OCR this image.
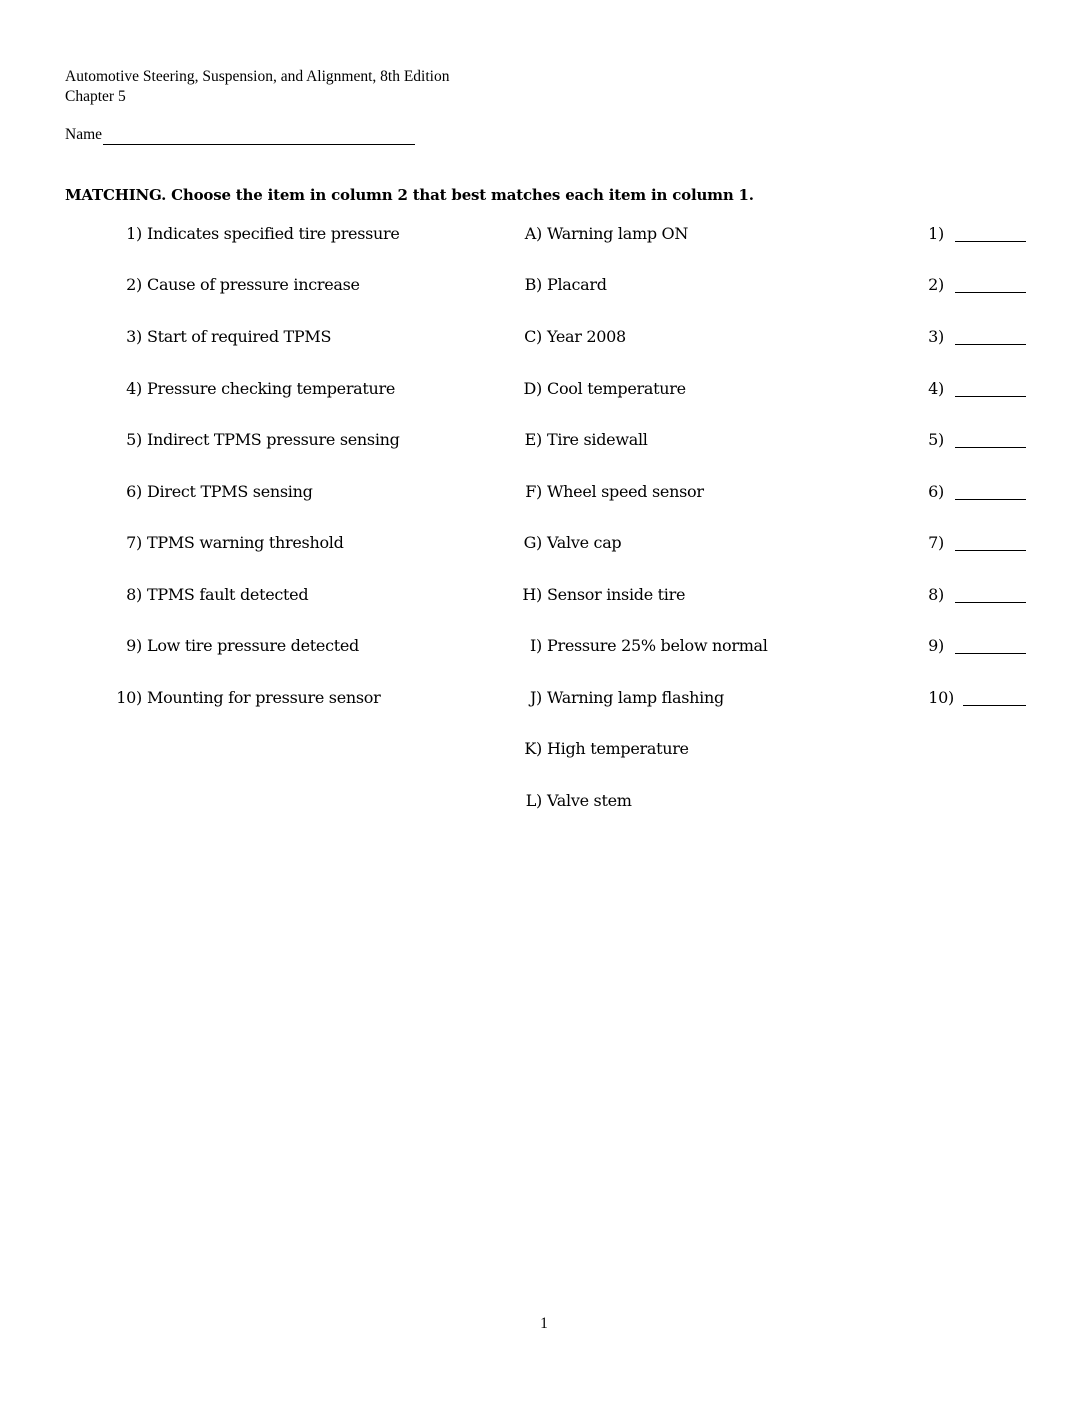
Automotive Steering, Suspension, and Alignment, 8th Edition
Chapter 5
Name
MATCHING. Choose the item in column 2 that best matches each item in column 1.
1) Indicates specified tire pressure	A) Warning lamp ON	1)
2) Cause of pressure increase	B) Placard	2)
3) Start of required TPMS	C) Year 2008	3)
4) Pressure checking temperature	D) Cool temperature	4)
5) Indirect TPMS pressure sensing	E) Tire sidewall	5)
6) Direct TPMS sensing	F) Wheel speed sensor	6)
7) TPMS warning threshold	G) Valve cap	7)
8) TPMS fault detected	H) Sensor inside tire	8)
9) Low tire pressure detected	I) Pressure 25% below normal	9)
10) Mounting for pressure sensor	J) Warning lamp flashing	10)
K) High temperature
L) Valve stem
1
